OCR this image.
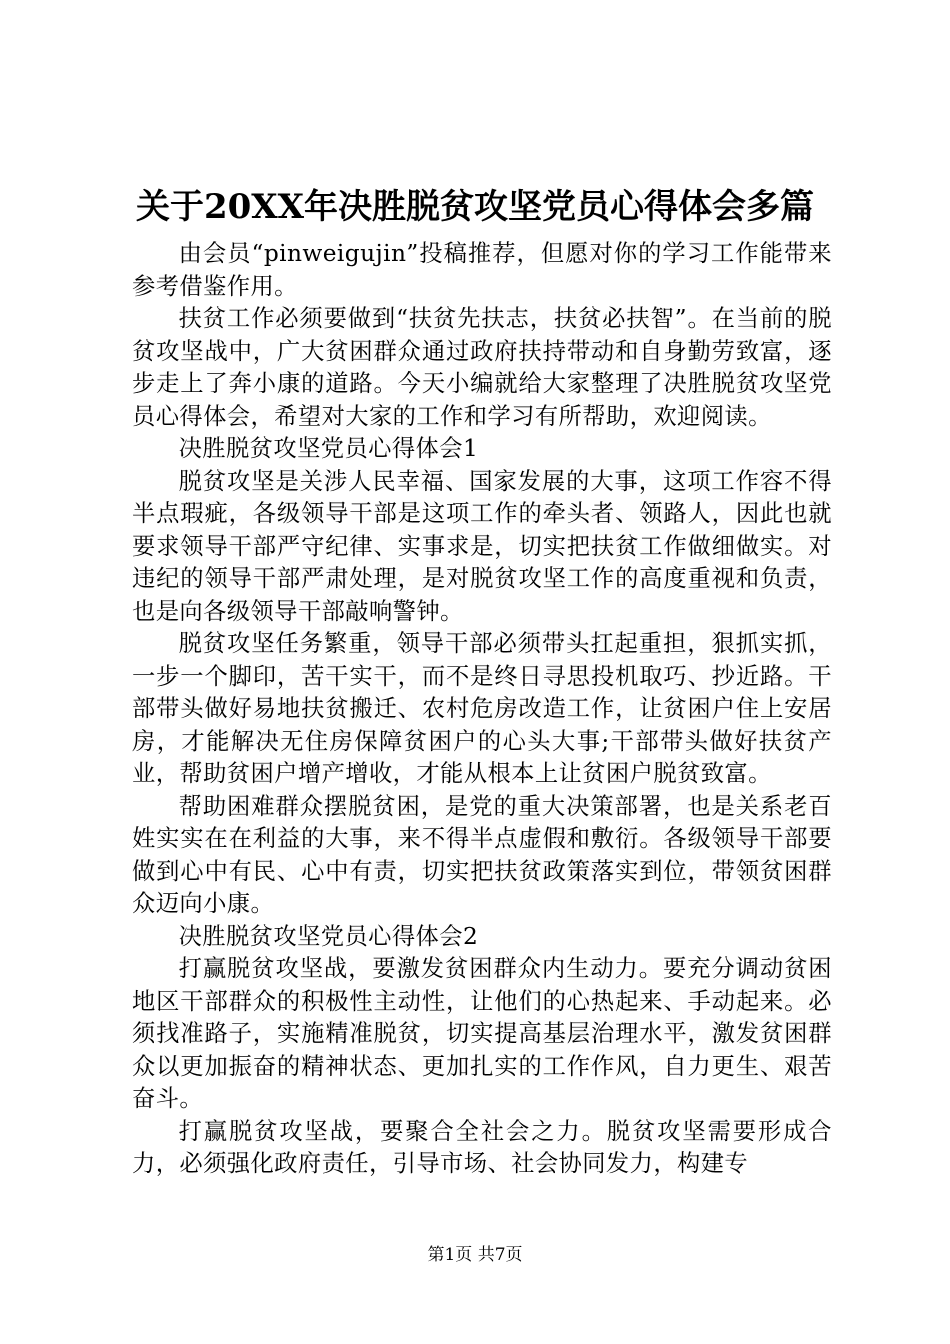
关于20XX年决胜脱贫攻坚党员心得体会多篇

由会员“pinweigujin”投稿推荐，但愿对你的学习工作能带来参考借鉴作用。

扶贫工作必须要做到“扶贫先扶志，扶贫必扶智”。在当前的脱贫攻坚战中，广大贫困群众通过政府扶持带动和自身勤劳致富，逐步走上了奔小康的道路。今天小编就给大家整理了决胜脱贫攻坚党员心得体会，希望对大家的工作和学习有所帮助，欢迎阅读。

决胜脱贫攻坚党员心得体会1

脱贫攻坚是关涉人民幸福、国家发展的大事，这项工作容不得半点瑕疵，各级领导干部是这项工作的牵头者、领路人，因此也就要求领导干部严守纪律、实事求是，切实把扶贫工作做细做实。对违纪的领导干部严肃处理，是对脱贫攻坚工作的高度重视和负责，也是向各级领导干部敲响警钟。

脱贫攻坚任务繁重，领导干部必须带头扛起重担，狠抓实抓，一步一个脚印，苦干实干，而不是终日寻思投机取巧、抄近路。干部带头做好易地扶贫搬迁、农村危房改造工作，让贫困户住上安居房，才能解决无住房保障贫困户的心头大事;干部带头做好扶贫产业，帮助贫困户增产增收，才能从根本上让贫困户脱贫致富。

帮助困难群众摆脱贫困，是党的重大决策部署，也是关系老百姓实实在在利益的大事，来不得半点虚假和敷衍。各级领导干部要做到心中有民、心中有责，切实把扶贫政策落实到位，带领贫困群众迈向小康。

决胜脱贫攻坚党员心得体会2

打赢脱贫攻坚战，要激发贫困群众内生动力。要充分调动贫困地区干部群众的积极性主动性，让他们的心热起来、手动起来。必须找准路子，实施精准脱贫，切实提高基层治理水平，激发贫困群众以更加振奋的精神状态、更加扎实的工作作风，自力更生、艰苦奋斗。

打赢脱贫攻坚战，要聚合全社会之力。脱贫攻坚需要形成合力，必须强化政府责任，引导市场、社会协同发力，构建专

第1页 共7页
